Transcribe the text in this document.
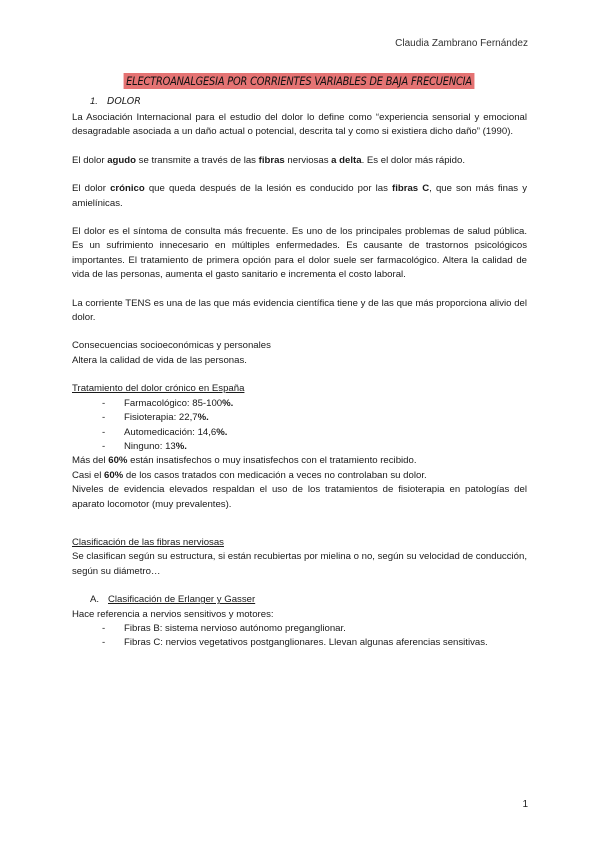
Claudia Zambrano Fernández
ELECTROANALGESIA POR CORRIENTES VARIABLES DE BAJA FRECUENCIA
1. DOLOR

La Asociación Internacional para el estudio del dolor lo define como “experiencia sensorial y emocional desagradable asociada a un daño actual o potencial, descrita tal y como si existiera dicho daño” (1990).

El dolor agudo se transmite a través de las fibras nerviosas a delta. Es el dolor más rápido.

El dolor crónico que queda después de la lesión es conducido por las fibras C, que son más finas y amielínicas.

El dolor es el síntoma de consulta más frecuente. Es uno de los principales problemas de salud pública. Es un sufrimiento innecesario en múltiples enfermedades. Es causante de trastornos psicológicos importantes. El tratamiento de primera opción para el dolor suele ser farmacológico. Altera la calidad de vida de las personas, aumenta el gasto sanitario e incrementa el costo laboral.

La corriente TENS es una de las que más evidencia científica tiene y de las que más proporciona alivio del dolor.

Consecuencias socioeconómicas y personales

Altera la calidad de vida de las personas.

Tratamiento del dolor crónico en España

- Farmacológico: 85-100%.
- Fisioterapia: 22,7%.
- Automedicación: 14,6%.
- Ninguno: 13%.

Más del 60% están insatisfechos o muy insatisfechos con el tratamiento recibido.

Casi el 60% de los casos tratados con medicación a veces no controlaban su dolor.

Niveles de evidencia elevados respaldan el uso de los tratamientos de fisioterapia en patologías del aparato locomotor (muy prevalentes).

Clasificación de las fibras nerviosas

Se clasifican según su estructura, si están recubiertas por mielina o no, según su velocidad de conducción, según su diámetro…

A. Clasificación de Erlanger y Gasser

Hace referencia a nervios sensitivos y motores:

- Fibras B: sistema nervioso autónomo preganglionar.
- Fibras C: nervios vegetativos postganglionares. Llevan algunas aferencias sensitivas.
1
